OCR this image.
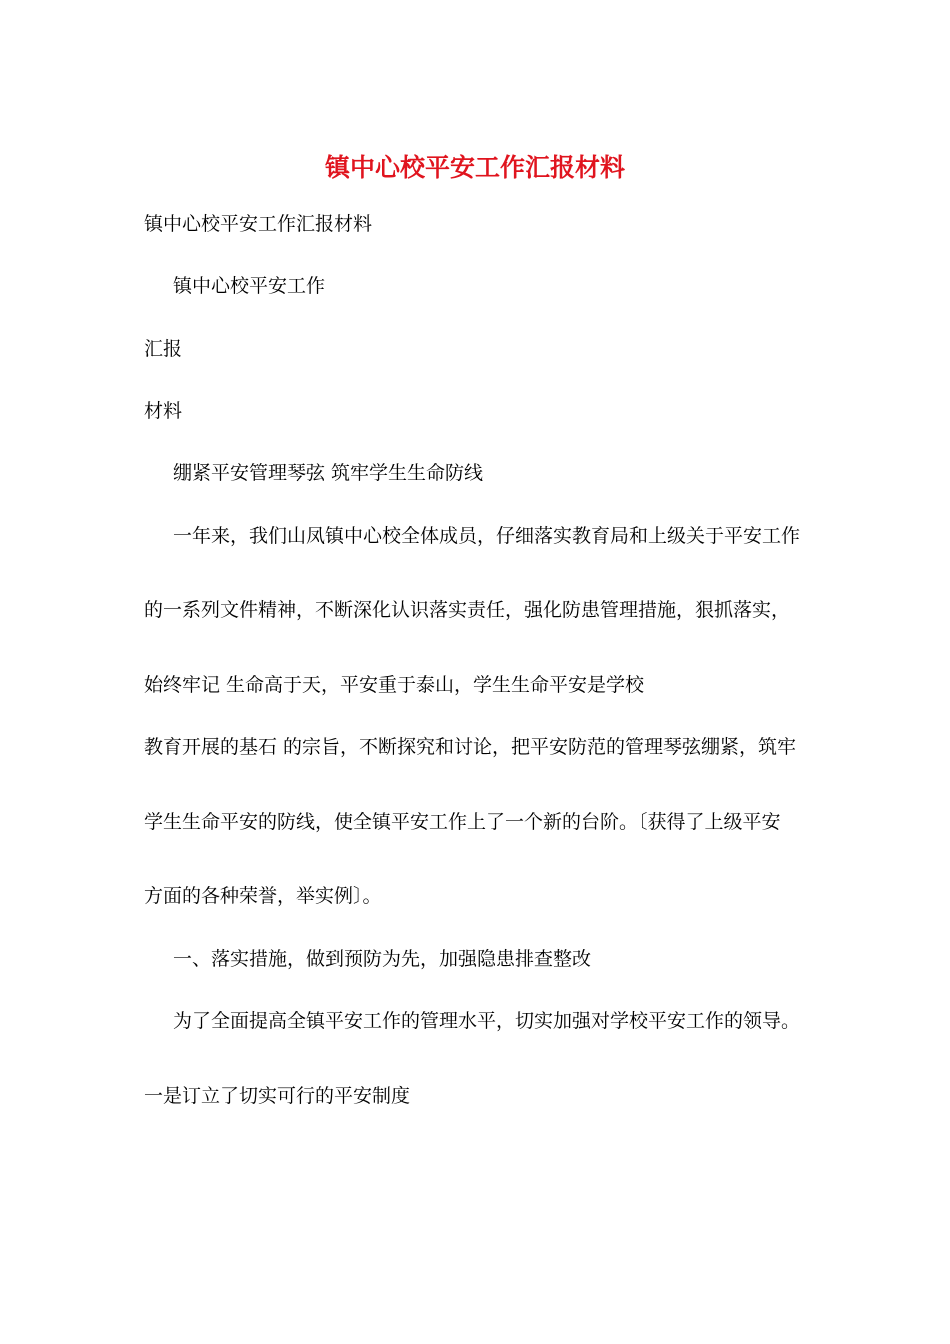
镇中心校平安工作汇报材料
镇中心校平安工作汇报材料
镇中心校平安工作
汇报
材料
绷紧平安管理琴弦 筑牢学生生命防线
一年来，我们山凤镇中心校全体成员，仔细落实教育局和上级关于平安工作
的一系列文件精神，不断深化认识落实责任，强化防患管理措施，狠抓落实，
始终牢记 生命高于天，平安重于泰山，学生生命平安是学校
教育开展的基石 的宗旨，不断探究和讨论，把平安防范的管理琴弦绷紧，筑牢
学生生命平安的防线，使全镇平安工作上了一个新的台阶。〔获得了上级平安
方面的各种荣誉，举实例〕。
一、落实措施，做到预防为先，加强隐患排查整改
为了全面提高全镇平安工作的管理水平，切实加强对学校平安工作的领导。
一是订立了切实可行的平安制度
